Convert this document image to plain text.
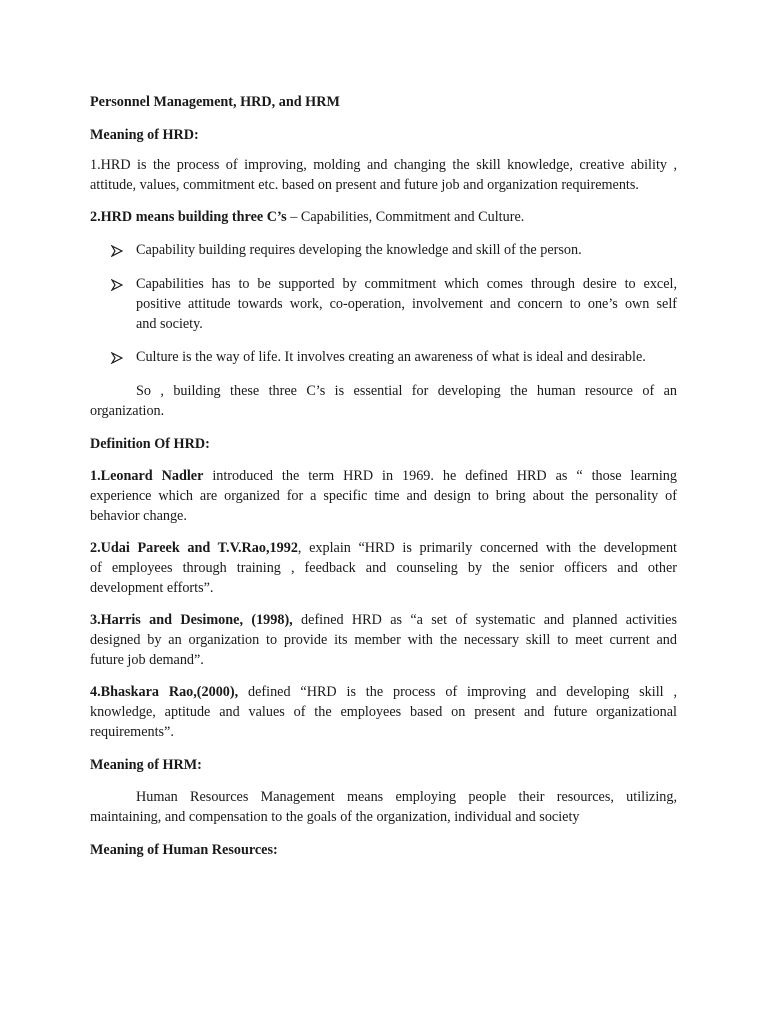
Personnel Management, HRD, and HRM
Meaning of HRD:
1.HRD is the process of improving, molding and changing the skill knowledge, creative ability ,
attitude, values, commitment etc. based on present and future job and organization requirements.
2.HRD means building three C’s – Capabilities, Commitment and Culture.
Capability building requires developing the knowledge and skill of the person.
Capabilities has to be supported by commitment which comes through desire to excel,
positive attitude towards work, co-operation, involvement and concern to one’s own self
and society.
Culture is the way of life. It involves creating an awareness of what is ideal and desirable.
So , building these three C’s is essential for developing the human resource of an
organization.
Definition Of HRD:
1.Leonard Nadler introduced the term HRD in 1969. he defined HRD as “ those learning
experience which are organized for a specific time and design to bring about the personality of
behavior change.
2.Udai Pareek and T.V.Rao,1992, explain “HRD is primarily concerned with the development
of employees through training , feedback and counseling by the senior officers and other
development efforts”.
3.Harris and Desimone, (1998), defined HRD as “a set of systematic and planned activities
designed by an organization to provide its member with the necessary skill to meet current and
future job demand”.
4.Bhaskara Rao,(2000), defined “HRD is the process of improving and developing skill ,
knowledge, aptitude and values of the employees based on present and future organizational
requirements”.
Meaning of HRM:
Human Resources Management means employing people their resources, utilizing,
maintaining, and compensation to the goals of the organization, individual and society
Meaning of Human Resources:
